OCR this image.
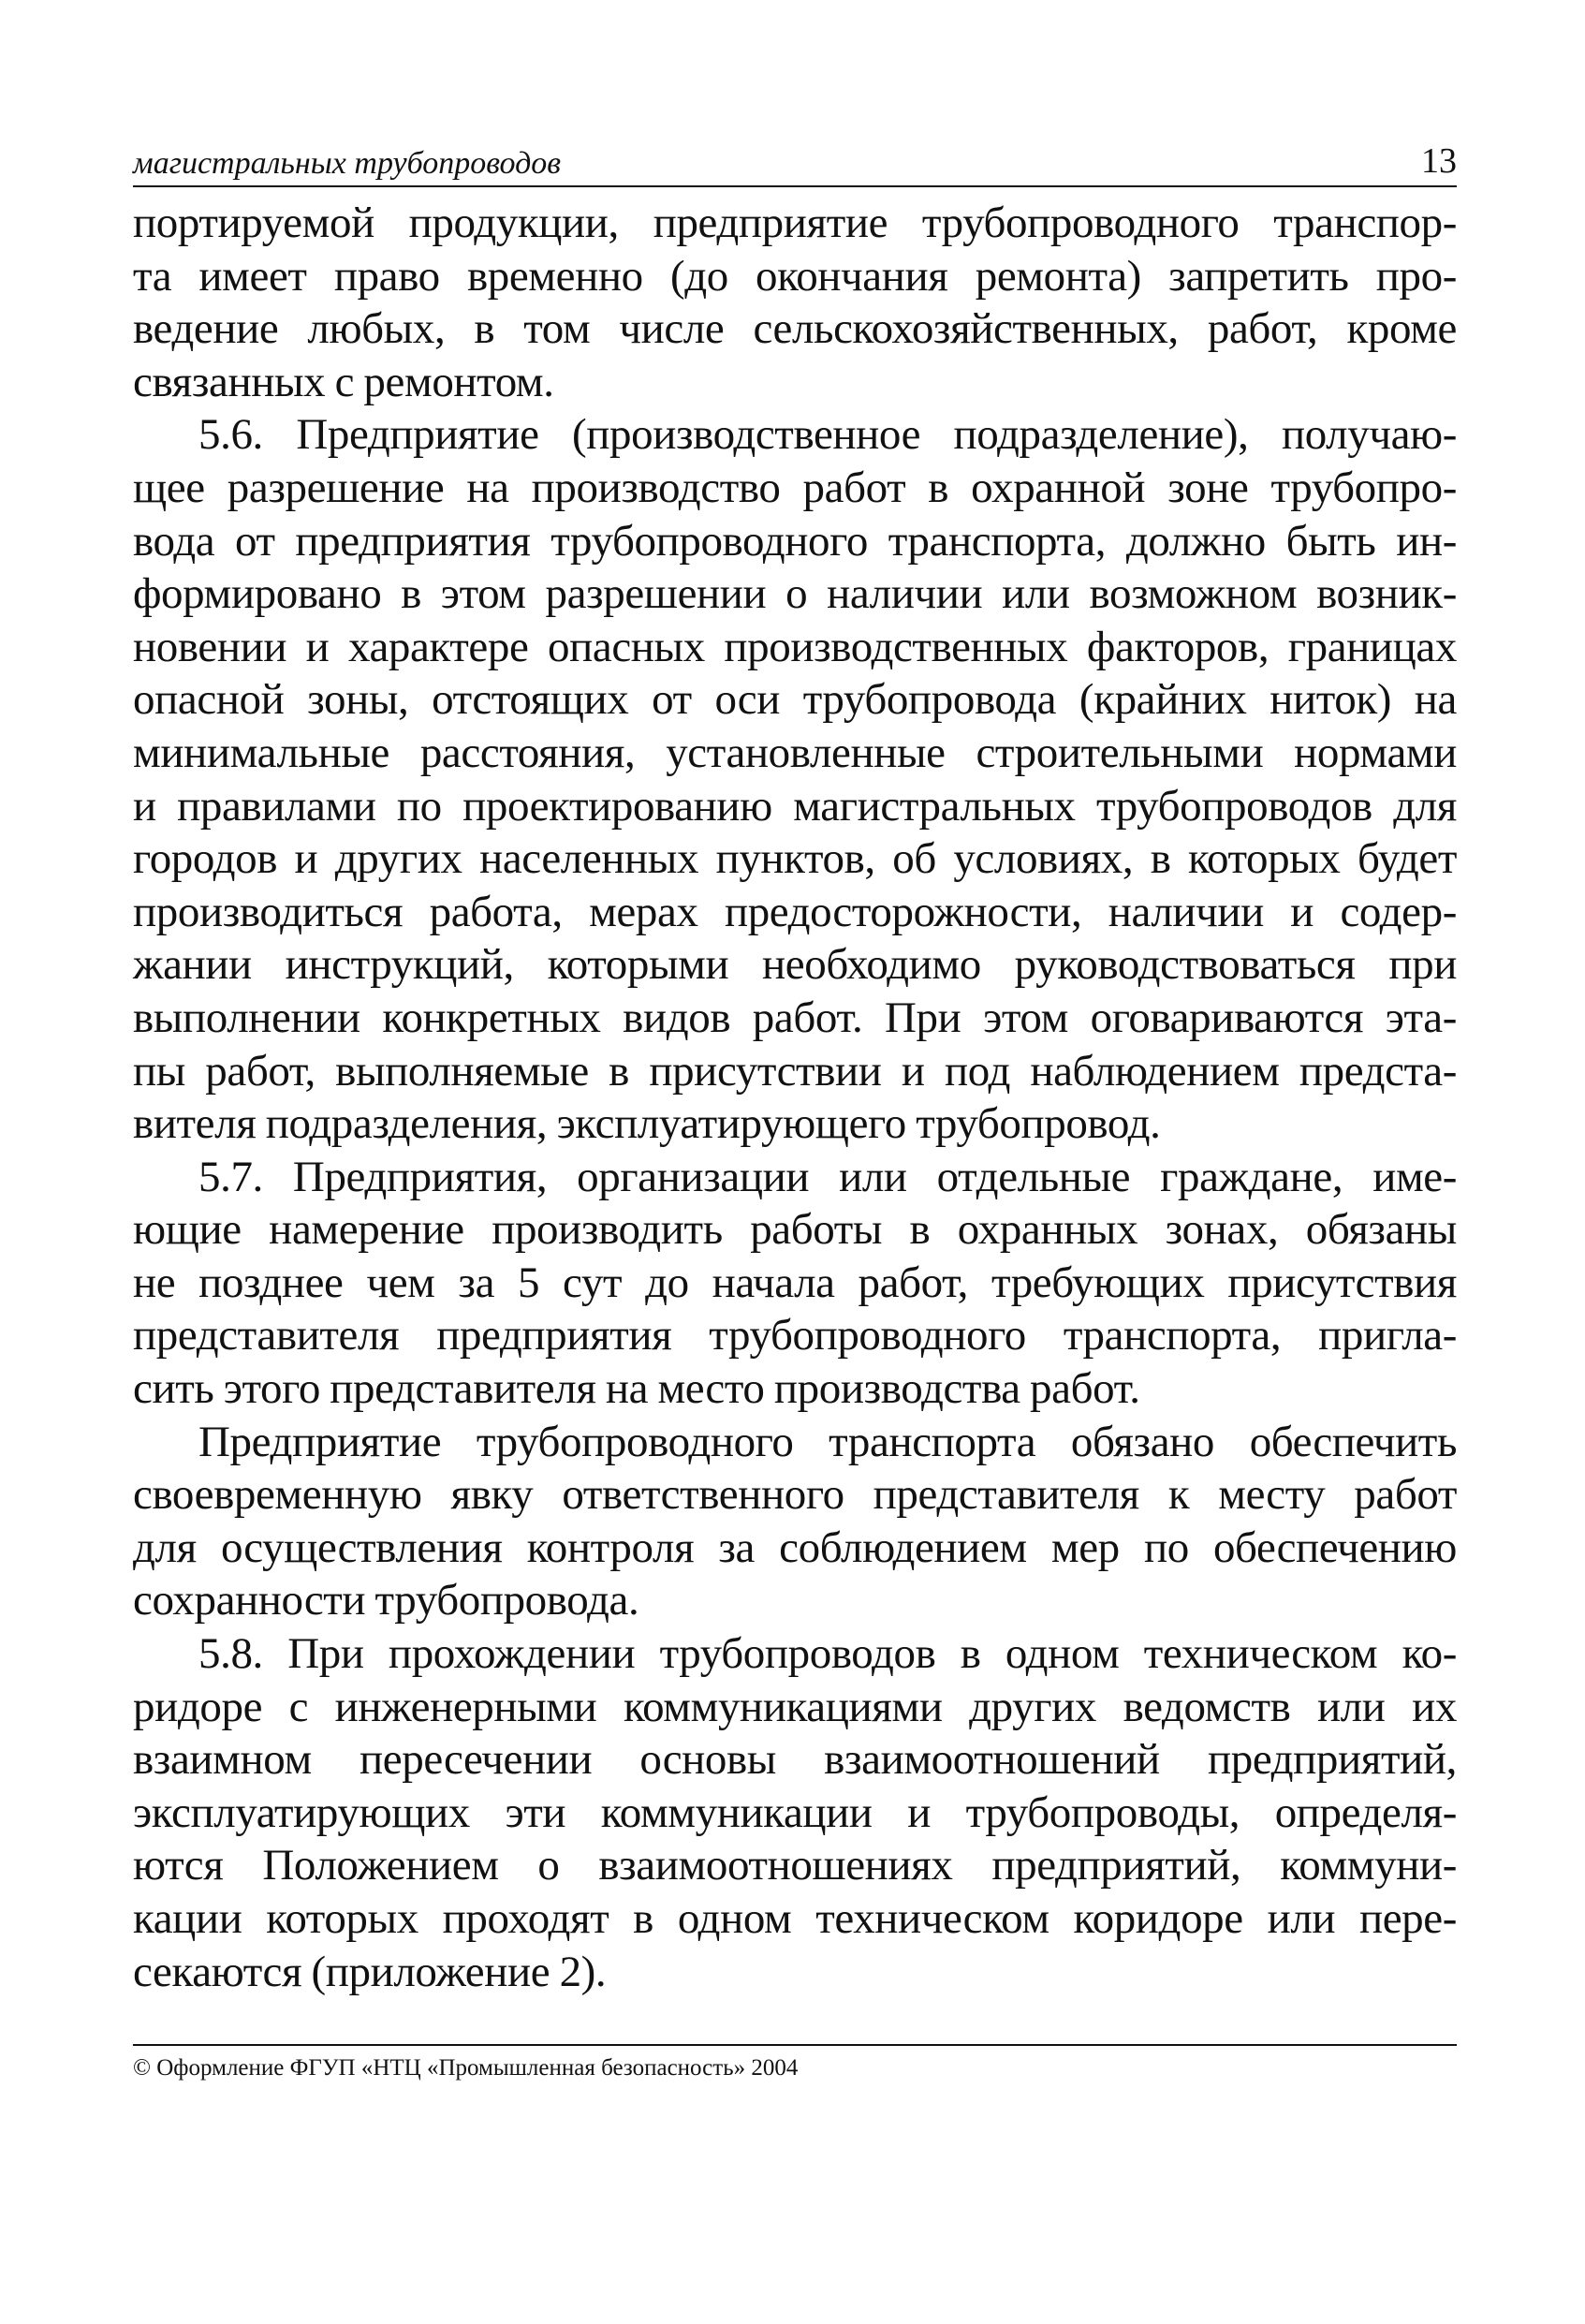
магистральных трубопроводов	13
портируемой продукции, предприятие трубопроводного транспор-
та имеет право временно (до окончания ремонта) запретить про-
ведение любых, в том числе сельскохозяйственных, работ, кроме
связанных с ремонтом.
5.6. Предприятие (производственное подразделение), получаю-
щее разрешение на производство работ в охранной зоне трубопро-
вода от предприятия трубопроводного транспорта, должно быть ин-
формировано в этом разрешении о наличии или возможном возник-
новении и характере опасных производственных факторов, границах
опасной зоны, отстоящих от оси трубопровода (крайних ниток) на
минимальные расстояния, установленные строительными нормами
и правилами по проектированию магистральных трубопроводов для
городов и других населенных пунктов, об условиях, в которых будет
производиться работа, мерах предосторожности, наличии и содер-
жании инструкций, которыми необходимо руководствоваться при
выполнении конкретных видов работ. При этом оговариваются эта-
пы работ, выполняемые в присутствии и под наблюдением предста-
вителя подразделения, эксплуатирующего трубопровод.
5.7. Предприятия, организации или отдельные граждане, име-
ющие намерение производить работы в охранных зонах, обязаны
не позднее чем за 5 сут до начала работ, требующих присутствия
представителя предприятия трубопроводного транспорта, пригла-
сить этого представителя на место производства работ.
Предприятие трубопроводного транспорта обязано обеспечить
своевременную явку ответственного представителя к месту работ
для осуществления контроля за соблюдением мер по обеспечению
сохранности трубопровода.
5.8. При прохождении трубопроводов в одном техническом ко-
ридоре с инженерными коммуникациями других ведомств или их
взаимном пересечении основы взаимоотношений предприятий,
эксплуатирующих эти коммуникации и трубопроводы, определя-
ются Положением о взаимоотношениях предприятий, коммуни-
кации которых проходят в одном техническом коридоре или пере-
секаются (приложение 2).
© Оформление ФГУП «НТЦ «Промышленная безопасность» 2004
